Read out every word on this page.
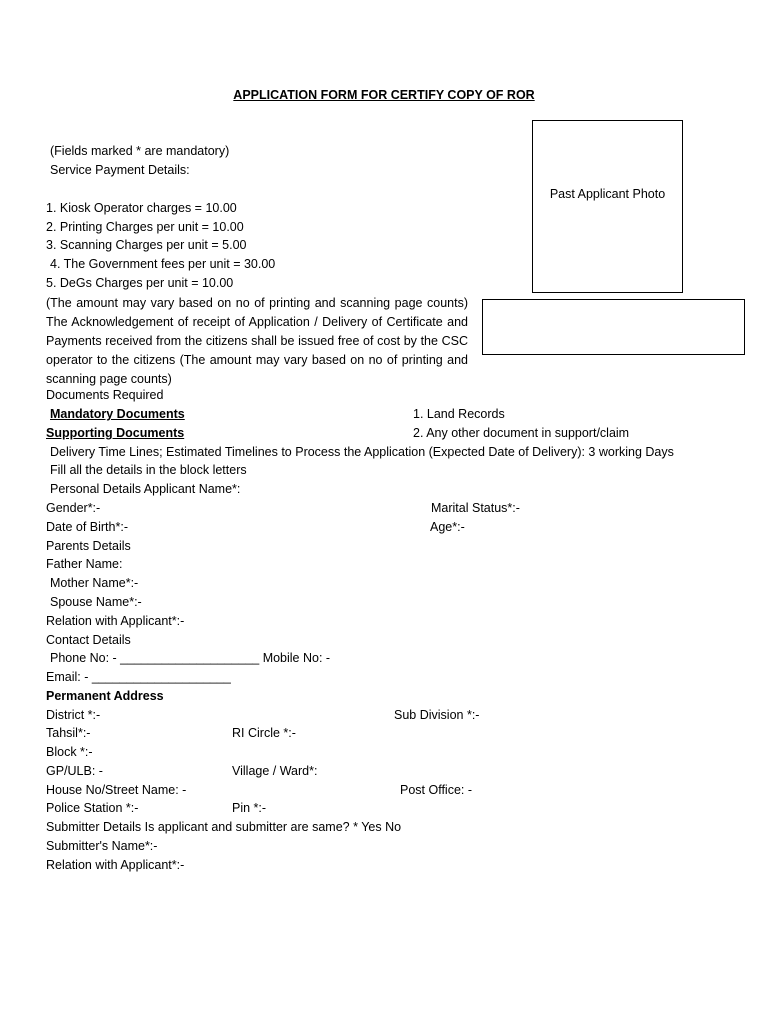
APPLICATION FORM FOR CERTIFY COPY OF ROR
Past Applicant Photo
(Fields marked * are mandatory)
Service Payment Details:
1. Kiosk Operator charges = 10.00
2. Printing Charges per unit = 10.00
3. Scanning Charges per unit = 5.00
4. The Government fees per unit = 30.00
5. DeGs Charges per unit = 10.00
(The amount may vary based on no of printing and scanning page counts) The Acknowledgement of receipt of Application / Delivery of Certificate and Payments received from the citizens shall be issued free of cost by the CSC operator to the citizens (The amount may vary based on no of printing and scanning page counts)
Documents Required
Mandatory Documents	1. Land Records
Supporting Documents	2. Any other document in support/claim
Delivery Time Lines; Estimated Timelines to Process the Application (Expected Date of Delivery): 3 working Days
Fill all the details in the block letters
Personal Details Applicant Name*:
Gender*:-	Marital Status*:-
Date of Birth*:-	Age*:-
Parents Details
Father Name:
Mother Name*:-
Spouse Name*:-
Relation with Applicant*:-
Contact Details
Phone No: - ____________________ Mobile No: -
Email: - ____________________
Permanent Address
District *:-	Sub Division *:-
Tahsil*:-	RI Circle *:-
Block *:-
GP/ULB: -	Village / Ward*:
House No/Street Name: -	Post Office: -
Police Station *:-	Pin *:-
Submitter Details Is applicant and submitter are same? * Yes No
Submitter's Name*:-
Relation with Applicant*:-
